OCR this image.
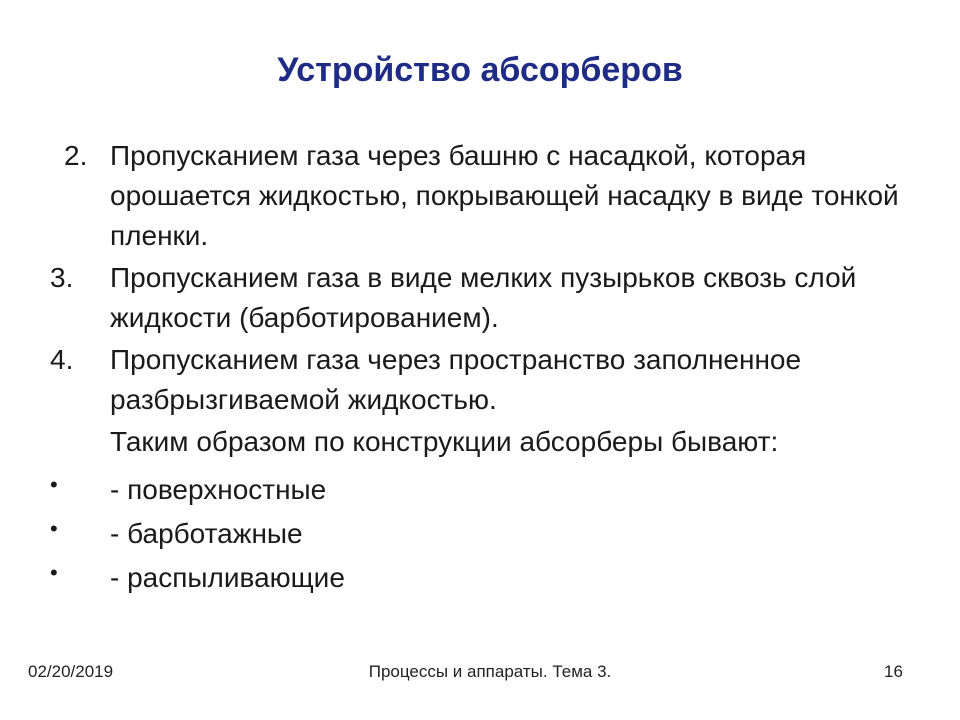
Устройство абсорберов
2. Пропусканием газа через башню с насадкой, которая орошается жидкостью, покрывающей насадку в виде тонкой пленки.
3. Пропусканием газа в виде мелких пузырьков сквозь слой жидкости (барботированием).
4. Пропусканием газа через пространство заполненное разбрызгиваемой жидкостью.
Таким образом по конструкции абсорберы бывают:
• - поверхностные
• - барботажные
• - распыливающие
02/20/2019	Процессы и аппараты. Тема 3.	16
